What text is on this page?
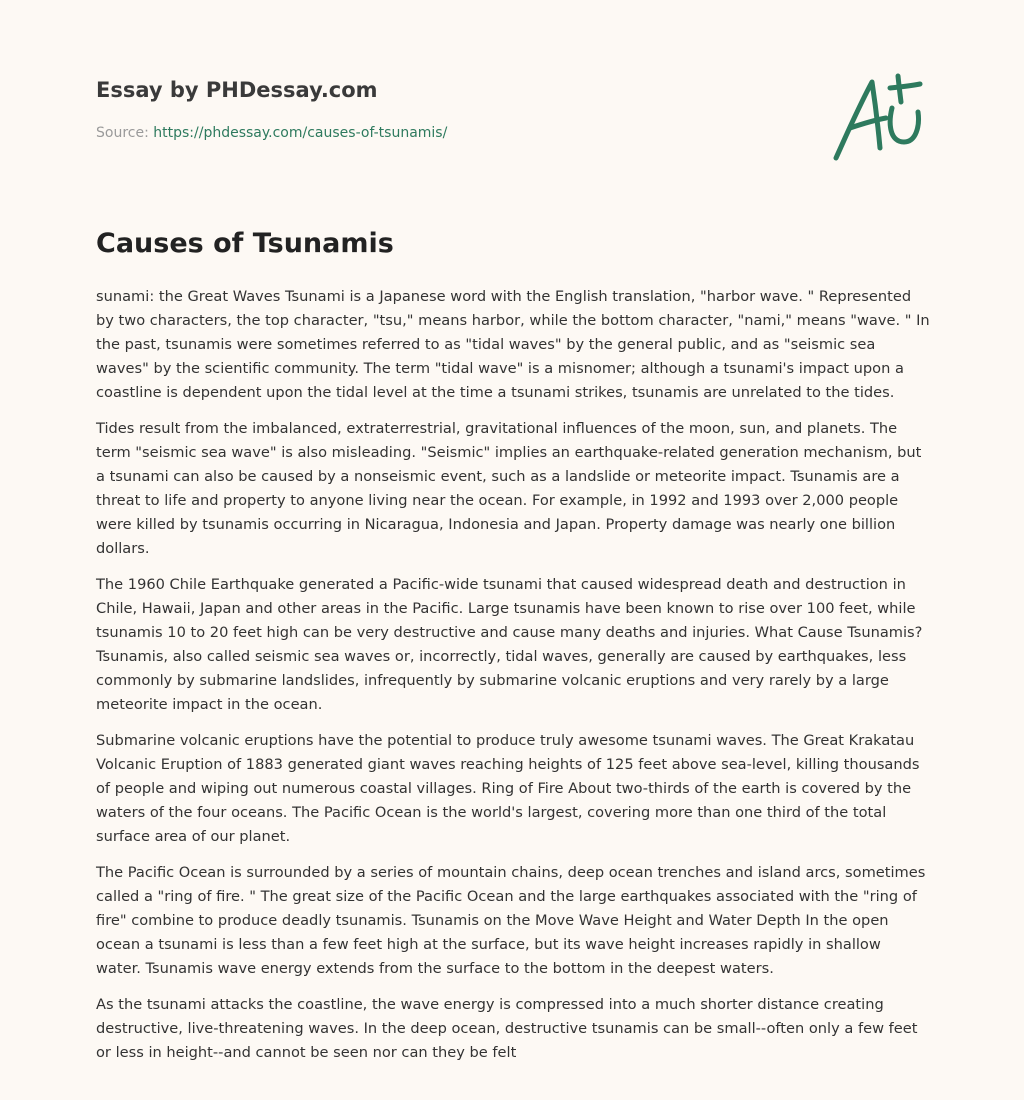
Essay by PHDessay.com
Source: https://phdessay.com/causes-of-tsunamis/
Causes of Tsunamis

sunami: the Great Waves Tsunami is a Japanese word with the English translation, "harbor wave. " Represented by two characters, the top character, "tsu," means harbor, while the bottom character, "nami," means "wave. " In the past, tsunamis were sometimes referred to as "tidal waves" by the general public, and as "seismic sea waves" by the scientific community. The term "tidal wave" is a misnomer; although a tsunami's impact upon a coastline is dependent upon the tidal level at the time a tsunami strikes, tsunamis are unrelated to the tides.

Tides result from the imbalanced, extraterrestrial, gravitational influences of the moon, sun, and planets. The term "seismic sea wave" is also misleading. "Seismic" implies an earthquake-related generation mechanism, but a tsunami can also be caused by a nonseismic event, such as a landslide or meteorite impact. Tsunamis are a threat to life and property to anyone living near the ocean. For example, in 1992 and 1993 over 2,000 people were killed by tsunamis occurring in Nicaragua, Indonesia and Japan. Property damage was nearly one billion dollars.

The 1960 Chile Earthquake generated a Pacific-wide tsunami that caused widespread death and destruction in Chile, Hawaii, Japan and other areas in the Pacific. Large tsunamis have been known to rise over 100 feet, while tsunamis 10 to 20 feet high can be very destructive and cause many deaths and injuries. What Cause Tsunamis? Tsunamis, also called seismic sea waves or, incorrectly, tidal waves, generally are caused by earthquakes, less commonly by submarine landslides, infrequently by submarine volcanic eruptions and very rarely by a large meteorite impact in the ocean.

Submarine volcanic eruptions have the potential to produce truly awesome tsunami waves. The Great Krakatau Volcanic Eruption of 1883 generated giant waves reaching heights of 125 feet above sea-level, killing thousands of people and wiping out numerous coastal villages. Ring of Fire About two-thirds of the earth is covered by the waters of the four oceans. The Pacific Ocean is the world's largest, covering more than one third of the total surface area of our planet.

The Pacific Ocean is surrounded by a series of mountain chains, deep ocean trenches and island arcs, sometimes called a "ring of fire. " The great size of the Pacific Ocean and the large earthquakes associated with the "ring of fire" combine to produce deadly tsunamis. Tsunamis on the Move Wave Height and Water Depth In the open ocean a tsunami is less than a few feet high at the surface, but its wave height increases rapidly in shallow water. Tsunamis wave energy extends from the surface to the bottom in the deepest waters.

As the tsunami attacks the coastline, the wave energy is compressed into a much shorter distance creating destructive, live-threatening waves. In the deep ocean, destructive tsunamis can be small--often only a few feet or less in height--and cannot be seen nor can they be felt
